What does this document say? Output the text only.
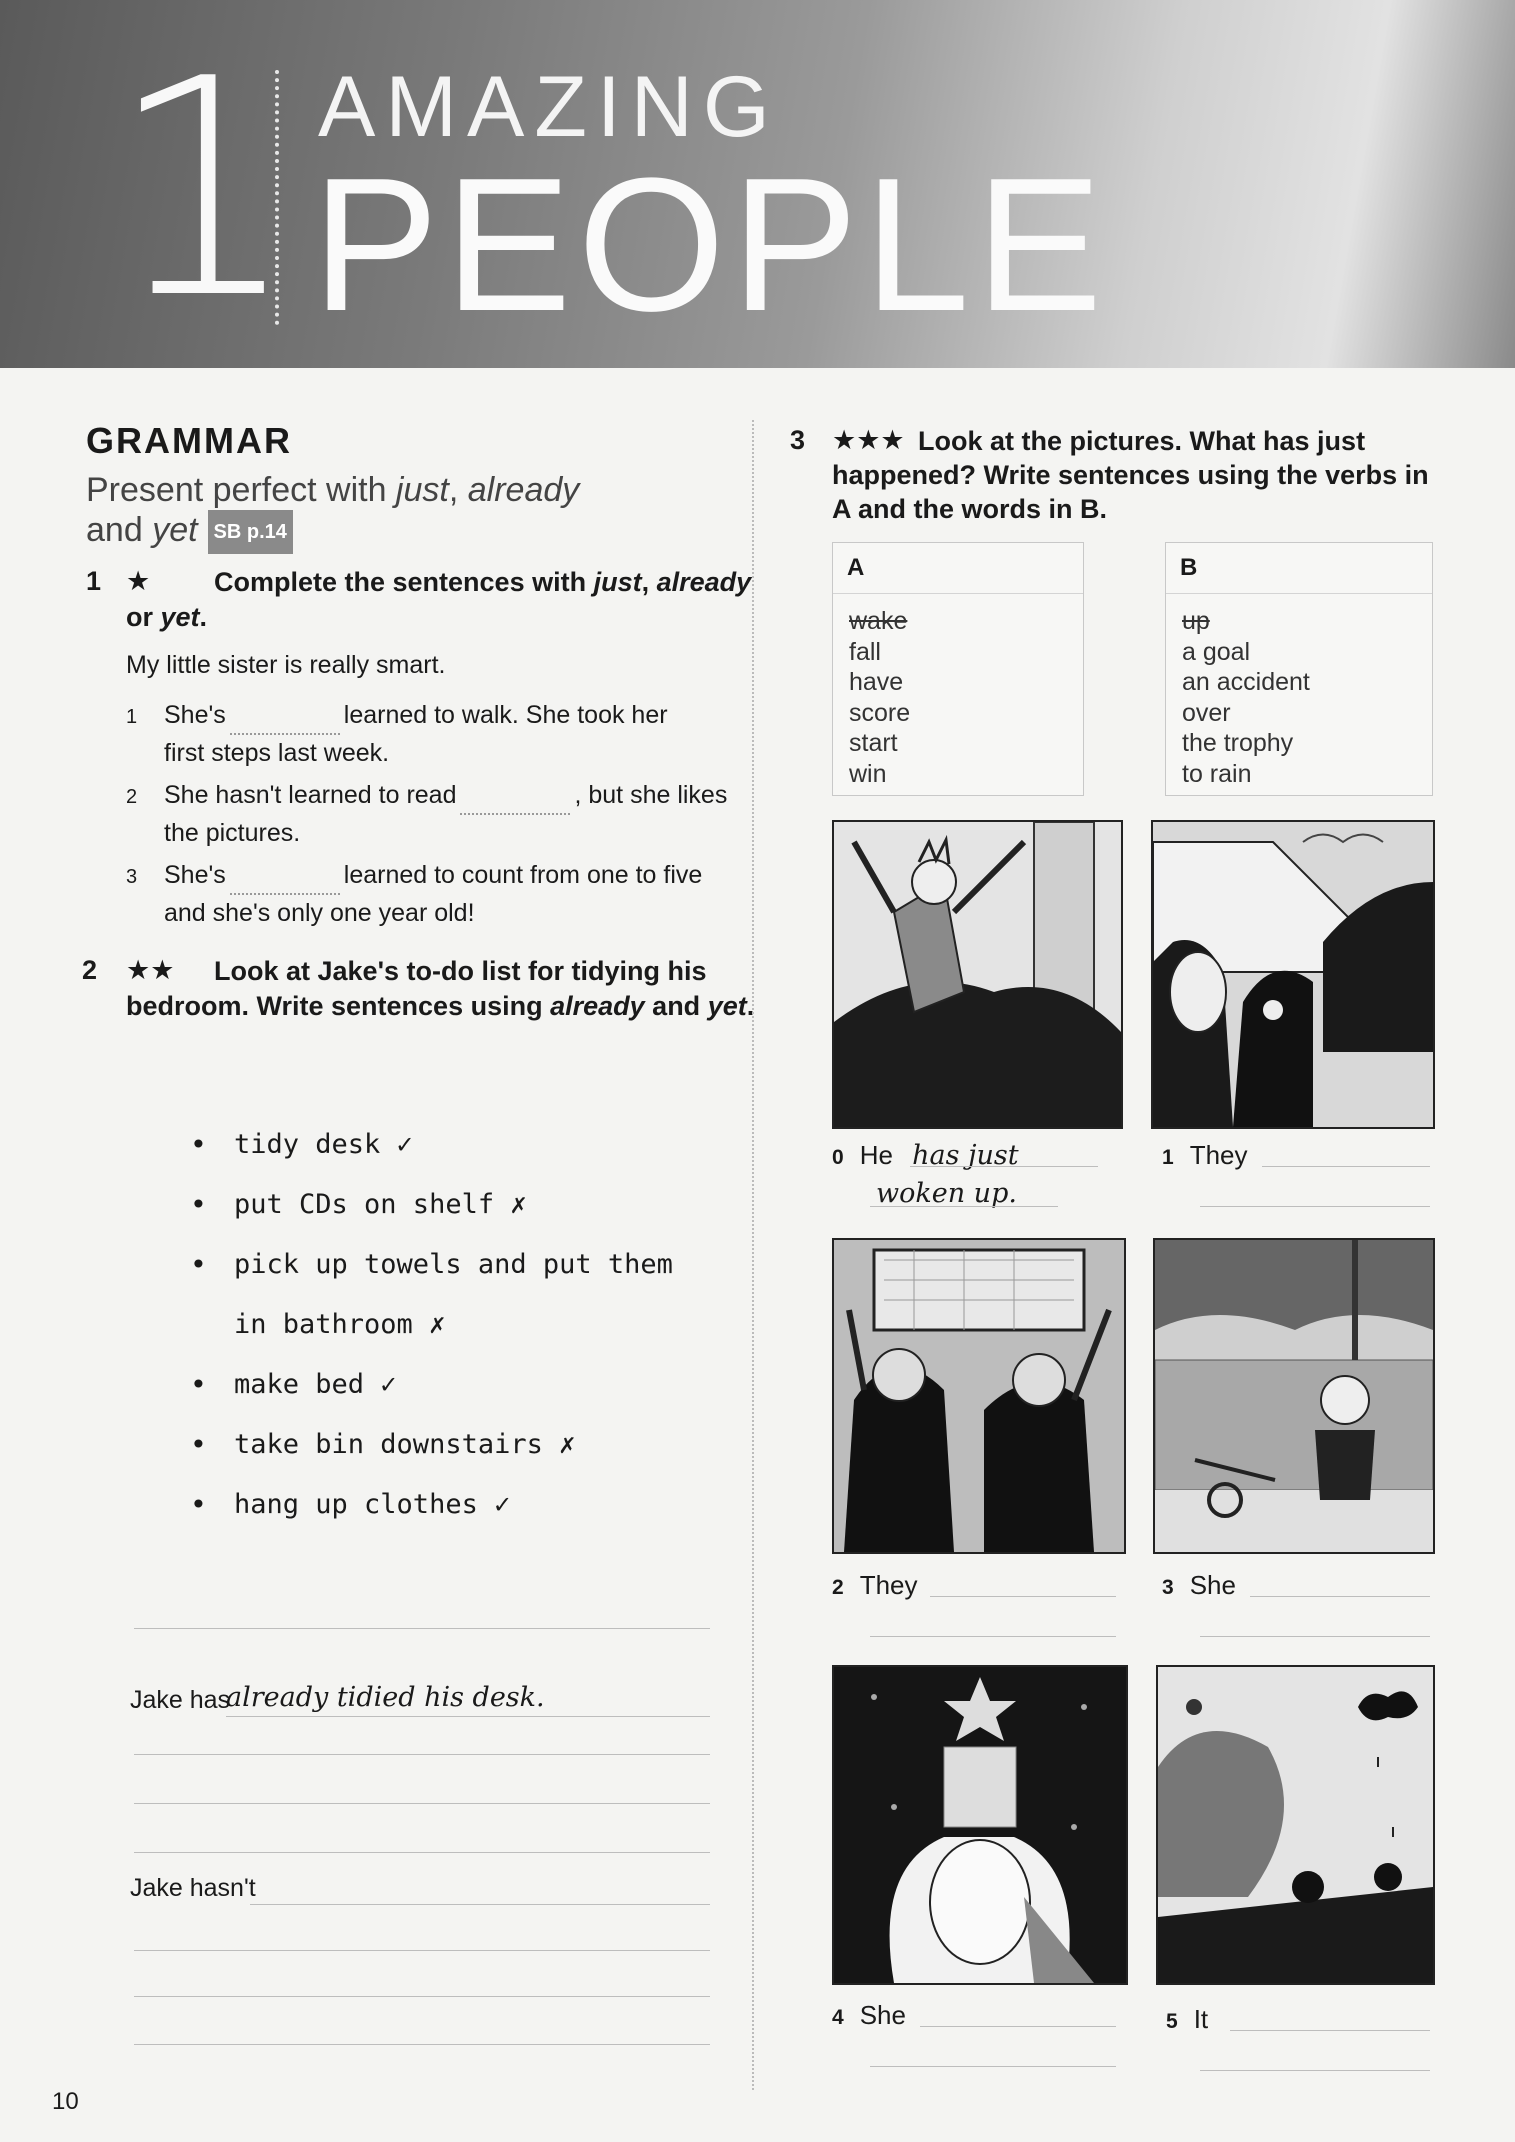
1 AMAZING
PEOPLE
GRAMMAR
Present perfect with just, already
and yet SB p.14
1 ★ Complete the sentences with just, already
or yet.
My little sister is really smart.
1 She's	learned to walk. She took her
first steps last week.
2 She hasn't learned to read	, but she likes
the pictures.
3 She's	learned to count from one to five
and she's only one year old!
2 ★★ Look at Jake's to-do list for tidying his
bedroom. Write sentences using already and yet.
• tidy desk ✓
• put CDs on shelf ✗
• pick up towels and put them
in bathroom ✗
• make bed ✓
• take bin downstairs ✗
• hang up clothes ✓
Jake has
already tidied his desk.
Jake hasn't
3 ★★★ Look at the pictures. What has just
happened? Write sentences using the verbs in
A and the words in B.
A
wake
fall
have
score
start
win
B
up
a goal
an accident
over
the trophy
to rain
0 He has just
woken up.
1 They
2 They	3 She
4 She	5 It
10
